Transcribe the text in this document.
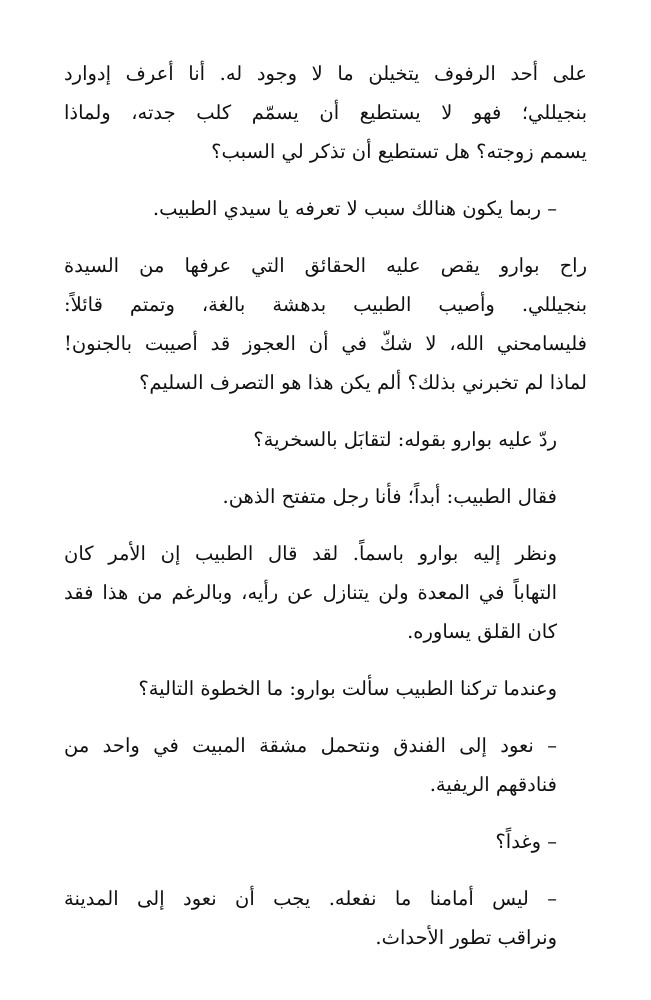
على أحد الرفوف يتخيلن ما لا وجود له. أنا أعرف إدوارد
بنجيللي؛ فهو لا يستطيع أن يسمّم كلب جدته، ولماذا
يسمم زوجته؟ هل تستطيع أن تذكر لي السبب؟
– ربما يكون هنالك سبب لا تعرفه يا سيدي الطبيب.
راح بوارو يقص عليه الحقائق التي عرفها من السيدة
بنجيللي. وأصيب الطبيب بدهشة بالغة، وتمتم قائلاً:
فليسامحني الله، لا شكّ في أن العجوز قد أصيبت بالجنون!
لماذا لم تخبرني بذلك؟ ألم يكن هذا هو التصرف السليم؟
ردّ عليه بوارو بقوله: لتقابَل بالسخرية؟
فقال الطبيب: أبداً؛ فأنا رجل متفتح الذهن.
ونظر إليه بوارو باسماً. لقد قال الطبيب إن الأمر كان
التهاباً في المعدة ولن يتنازل عن رأيه، وبالرغم من هذا فقد
كان القلق يساوره.
وعندما تركنا الطبيب سألت بوارو: ما الخطوة التالية؟
– نعود إلى الفندق ونتحمل مشقة المبيت في واحد من
فنادقهم الريفية.
– وغداً؟
– ليس أمامنا ما نفعله. يجب أن نعود إلى المدينة
ونراقب تطور الأحداث.
